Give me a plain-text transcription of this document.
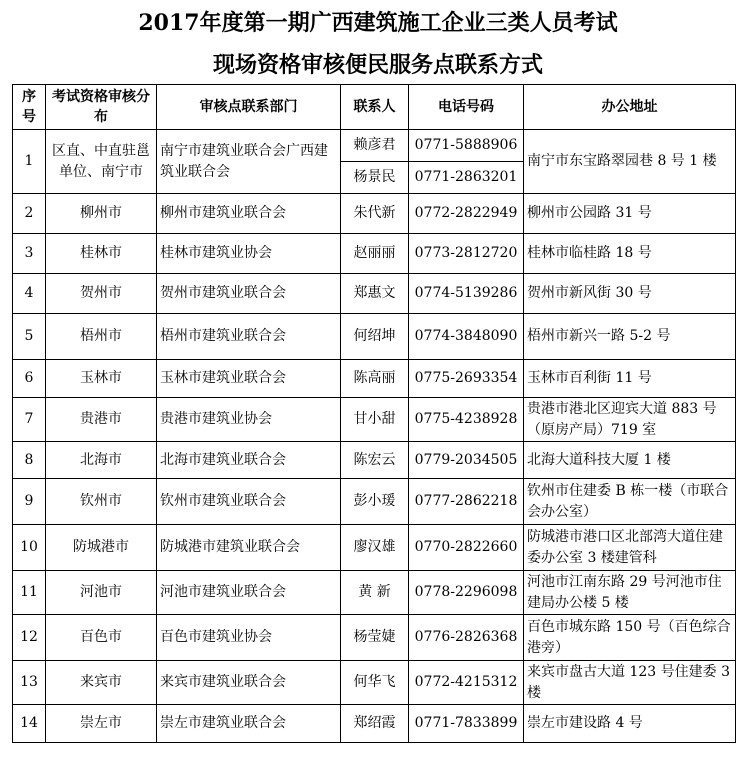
2017年度第一期广西建筑施工企业三类人员考试
现场资格审核便民服务点联系方式
序号	考试资格审核分布	审核点联系部门	联系人	电话号码	办公地址
1	区直、中直驻邕单位、南宁市	南宁市建筑业联合会广西建筑业联合会	赖彦君	0771-5888906	南宁市东宝路翠园巷 8 号 1 楼
			杨景民	0771-2863201	
2	柳州市	柳州市建筑业联合会	朱代新	0772-2822949	柳州市公园路 31 号
3	桂林市	桂林市建筑业协会	赵丽丽	0773-2812720	桂林市临桂路 18 号
4	贺州市	贺州市建筑业联合会	郑惠文	0774-5139286	贺州市新风街 30 号
5	梧州市	梧州市建筑业联合会	何绍坤	0774-3848090	梧州市新兴一路 5-2 号
6	玉林市	玉林市建筑业联合会	陈高丽	0775-2693354	玉林市百利街 11 号
7	贵港市	贵港市建筑业协会	甘小甜	0775-4238928	贵港市港北区迎宾大道 883 号（原房产局）719 室
8	北海市	北海市建筑业联合会	陈宏云	0779-2034505	北海大道科技大厦 1 楼
9	钦州市	钦州市建筑业联合会	彭小瑗	0777-2862218	钦州市住建委 B 栋一楼（市联合会办公室）
10	防城港市	防城港市建筑业联合会	廖汉雄	0770-2822660	防城港市港口区北部湾大道住建委办公室 3 楼建管科
11	河池市	河池市建筑业联合会	黄 新	0778-2296098	河池市江南东路 29 号河池市住建局办公楼 5 楼
12	百色市	百色市建筑业协会	杨莹婕	0776-2826368	百色市城东路 150 号（百色综合港旁）
13	来宾市	来宾市建筑业联合会	何华飞	0772-4215312	来宾市盘古大道 123 号住建委 3 楼
14	崇左市	崇左市建筑业联合会	郑绍霞	0771-7833899	崇左市建设路 4 号
